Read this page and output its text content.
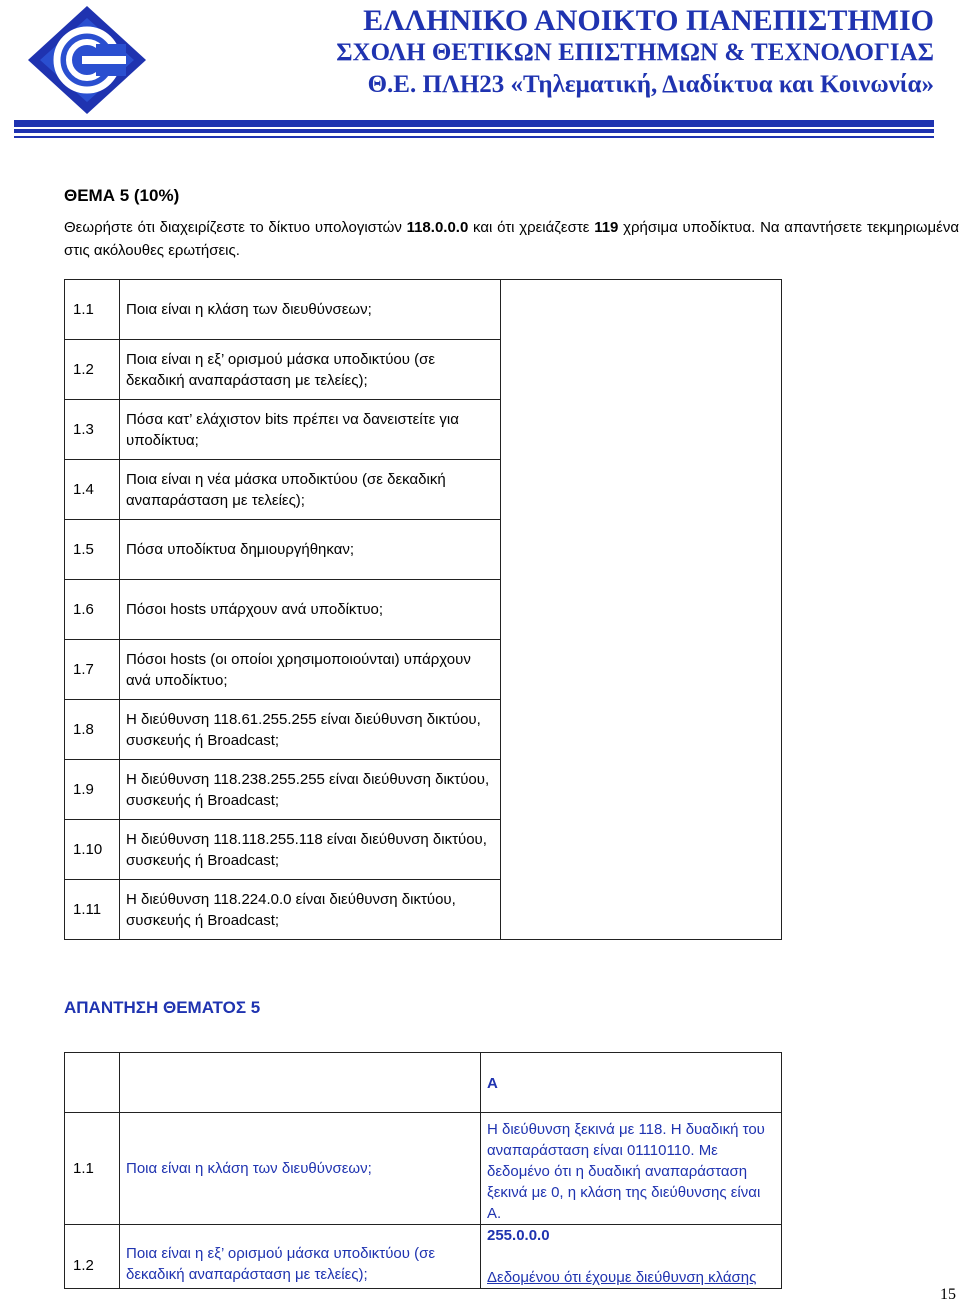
ΕΛΛΗΝΙΚΟ ΑΝΟΙΚΤΟ ΠΑΝΕΠΙΣΤΗΜΙΟ
ΣΧΟΛΗ ΘΕΤΙΚΩΝ ΕΠΙΣΤΗΜΩΝ & ΤΕΧΝΟΛΟΓΙΑΣ
Θ.Ε. ΠΛΗ23 «Τηλεματική, Διαδίκτυα και Κοινωνία»
ΘΕΜΑ 5 (10%)
Θεωρήστε ότι διαχειρίζεστε το δίκτυο υπολογιστών 118.0.0.0 και ότι χρειάζεστε 119 χρήσιμα υποδίκτυα. Να απαντήσετε τεκμηριωμένα στις ακόλουθες ερωτήσεις.
1.1	Ποια είναι η κλάση των διευθύνσεων;	
1.2	Ποια είναι η εξ’ ορισμού μάσκα υποδικτύου (σε δεκαδική αναπαράσταση με τελείες);	
1.3	Πόσα κατ’ ελάχιστον bits πρέπει να δανειστείτε για υποδίκτυα;	
1.4	Ποια είναι η νέα μάσκα υποδικτύου (σε δεκαδική αναπαράσταση με τελείες);	
1.5	Πόσα υποδίκτυα δημιουργήθηκαν;	
1.6	Πόσοι hosts υπάρχουν ανά υποδίκτυο;	
1.7	Πόσοι hosts (οι οποίοι χρησιμοποιούνται) υπάρχουν ανά υποδίκτυο;	
1.8	Η διεύθυνση 118.61.255.255 είναι διεύθυνση δικτύου, συσκευής ή Broadcast;	
1.9	Η διεύθυνση 118.238.255.255 είναι διεύθυνση δικτύου, συσκευής ή Broadcast;	
1.10	Η διεύθυνση 118.118.255.118 είναι διεύθυνση δικτύου, συσκευής ή Broadcast;	
1.11	Η διεύθυνση 118.224.0.0 είναι διεύθυνση δικτύου, συσκευής ή Broadcast;	
ΑΠΑΝΤΗΣΗ ΘΕΜΑΤΟΣ 5
		Α
1.1	Ποια είναι η κλάση των διευθύνσεων;	Η διεύθυνση ξεκινά με 118. Η δυαδική του αναπαράσταση είναι 01110110. Με δεδομένο ότι η δυαδική αναπαράσταση ξεκινά με 0, η κλάση της διεύθυνσης είναι Α.
1.2	Ποια είναι η εξ’ ορισμού μάσκα υποδικτύου (σε δεκαδική αναπαράσταση με τελείες);	255.0.0.0
Δεδομένου ότι έχουμε διεύθυνση κλάσης
15
